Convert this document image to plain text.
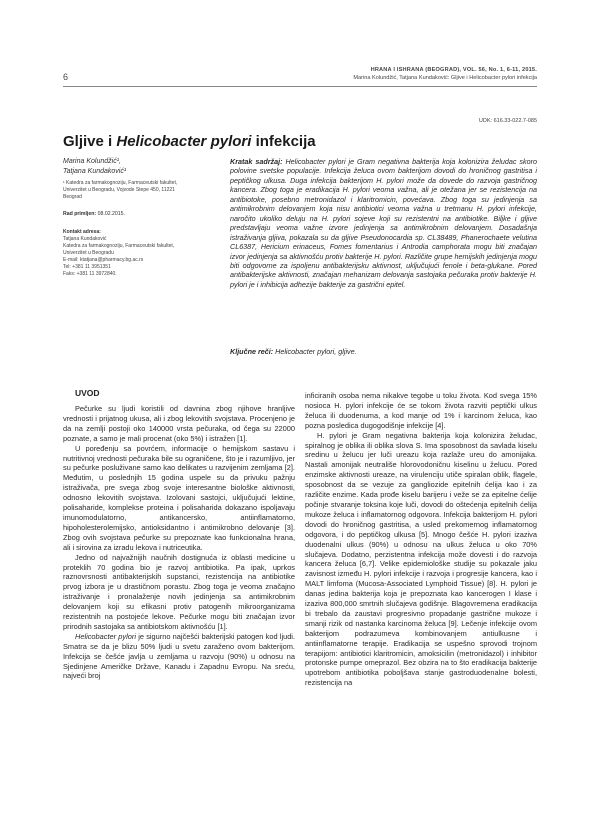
6
HRANA I ISHRANA (BEOGRAD), VOL. 56, No. 1, 6-11, 2015.
Marina Kolundžić, Tatjana Kundaković: Gljive i Helicobacter pylori infekcija
UDK: 616.33-022.7-085
Gljive i Helicobacter pylori infekcija
Marina Kolundžić¹,
Tatjana Kundaković¹
¹ Katedra za farmakognoziju, Farmaceutski fakultet,
Univerzitet u Beogradu, Vojvode Stepe 450, 11221
Beograd
Rad primljen: 08.02.2015.
Kontakt adresa:
Tatjana Kundaković
Katedra za farmakognoziju, Farmaceutski fakultet,
Univerzitet u Beogradu
E-mail: ktatjana@pharmacy.bg.ac.rs
Tel: +381 11 3951351
Faks: +381 11 3972840.
Kratak sadržaj: Helicobacter pylori je Gram negativna bakterija koja kolonizira želudac skoro polovine svetske populacije. Infekcija želuca ovom bakterijom dovodi do hroničnog gastritisa i peptičkog ulkusa. Duga infekcija bakterijom H. pylori može da dovede do razvoja gastričnog kancera. Zbog toga je eradikacija H. pylori veoma važna, ali je otežana jer se rezistencija na antibiotoke, posebno metronidazol i klaritromicin, povećava. Zbog toga su jedinjenja sa antimikrobnim delovanjem koja nisu antibiotici veoma važna u tretmanu H. pylori infekcije, naročito ukoliko deluju na H. pylori sojeve koji su rezistentni na antibiotike. Biljke i gljive predstavljaju veoma važne izvore jedinjenja sa antimikrobnim delovanjem. Dosadašnja istraživanja gljiva, pokazala su da gljive Pseudonocardia sp. CL38489, Phanerochaete velutina CL6387, Hericium erinaceus, Fomes fomentarius i Antrodia camphorata mogu biti značajan izvor jedinjenja sa aktivnošću protiv bakterije H. pylori. Različite grupe hemijskih jedinjenja mogu biti odgovorne za ispoljenu antibakterijsku aktivnost, uključujući fenole i beta-glukane. Pored antibakterijske aktivnosti, značajan mehanizam delovanja sastojaka pečuraka protiv bakterije H. pylori je i inhibicija adhezije bakterije za gastrični epitel.
Ključne reči: Helicobacter pylori, gljive.
UVOD

Pečurke su ljudi koristili od davnina zbog njihove hranljive vrednosti i prijatnog ukusa, ali i zbog lekovitih svojstava. Procenjeno je da na zemlji postoji oko 140000 vrsta pečuraka, od čega su 22000 poznate, a samo je mali procenat (oko 5%) i istražen [1].

U poređenju sa povrćem, informacije o hemijskom sastavu i nutritivnoj vrednosti pečuraka bile su ograničene, što je i razumljivo, jer su pečurke posluživane samo kao delikates u razvijenim zemljama [2]. Međutim, u poslednjih 15 godina uspele su da privuku pažnju istraživača, pre svega zbog svoje interesantne biološke aktivnosti, odnosno lekovitih svojstava. Izolovani sastojci, uključujući lektine, polisaharide, komplekse proteina i polisaharida dokazano ispoljavaju imunomodulatorno, antikancersko, antiinflamatorno, hipoholesterolemijsko, antioksidantno i antimikrobno delovanje [3]. Zbog ovih svojstava pečurke su prepoznate kao funkcionalna hrana, ali i sirovina za izradu lekova i nutriceutika.

Jedno od najvažnijih naučnih dostignuća iz oblasti medicine u proteklih 70 godina bio je razvoj antibiotika. Pa ipak, uprkos raznovrsnosti antibakterijskih supstanci, rezistencija na antibiotike prvog izbora je u drastičnom porastu. Zbog toga je veoma značajno istraživanje i pronalaženje novih jedinjenja sa antimikrobnim delovanjem koji su efikasni protiv patogenih mikroorganizama rezistentnih na postojeće lekove. Pečurke mogu biti značajan izvor prirodnih sastojaka sa antibiotskom aktivnošću [1].

Helicobacter pylori je sigurno najčešći bakterijski patogen kod ljudi. Smatra se da je blizu 50% ljudi u svetu zaraženo ovom bakterijom. Infekcija se češće javlja u zemljama u razvoju (90%) u odnosu na Sjedinjene Američke Države, Kanadu i Zapadnu Evropu. Na sreću, najveći broj

inficiranih osoba nema nikakve tegobe u toku života. Kod svega 15% nosioca H. pylori infekcije će se tokom života razviti peptički ulkus želuca ili duodenuma, a kod manje od 1% i karcinom želuca, kao pozna posledica dugogodišnje infekcije [4].

H. pylori je Gram negativna bakterija koja kolonizira želudac, spiralnog je oblika ili oblika slova S. Ima sposobnost da savlada kiselu sredinu u želucu jer luči ureazu koja razlaže ureu do amonijaka. Nastali amonijak neutrališe hlorovodoničnu kiselinu u želucu. Pored enzimske aktivnosti ureaze, na virulenciju utiče spiralan oblik, flagele, sposobnost da se vezuje za gangliozide epitelnih ćelija kao i za različite enzime. Kada prođe kiselu barijeru i veže se za epitelne ćelije počinje stvaranje toksina koje luči, dovodi do oštećenja epitelnih ćelija mukoze želuca i inflamatornog odgovora. Infekcija bakterijom H. pylori dovodi do hroničnog gastritisa, a usled prekomernog inflamatornog odgovora, i do peptičkog ulkusa [5]. Mnogo češće H. pylori izaziva duodenalni ulkus (90%) u odnosu na ulkus želuca u oko 70% slučajeva. Dodatno, perzistentna infekcija može dovesti i do razvoja kancera želuca [6,7]. Velike epidemiološke studije su pokazale jaku zavisnost između H. pylori infekcije i razvoja i progresije kancera, kao i MALT limfoma (Mucosa-Associated Lymphoid Tissue) [8]. H. pylori je danas jedina bakterija koja je prepoznata kao kancerogen I klase i izaziva 800,000 smrtnih slučajeva godišnje. Blagovremena eradikacija bi trebalo da zaustavi progresivno propadanje gastrične mukoze i smanji rizik od nastanka karcinoma želuca [9]. Lečenje infekcije ovom bakterijom podrazumeva kombinovanjem antiulkusne i antiinflamatorne terapije. Eradikacija se uspešno sprovodi trojnom terapijom: antibiotici klaritromicin, amoksicilin (metronidazol) i inhibitor protonske pumpe omeprazol. Bez obzira na to što eradikacija bakterije upotrebom antibiotika poboljšava stanje gastroduodenalne bolesti, rezistencija na
